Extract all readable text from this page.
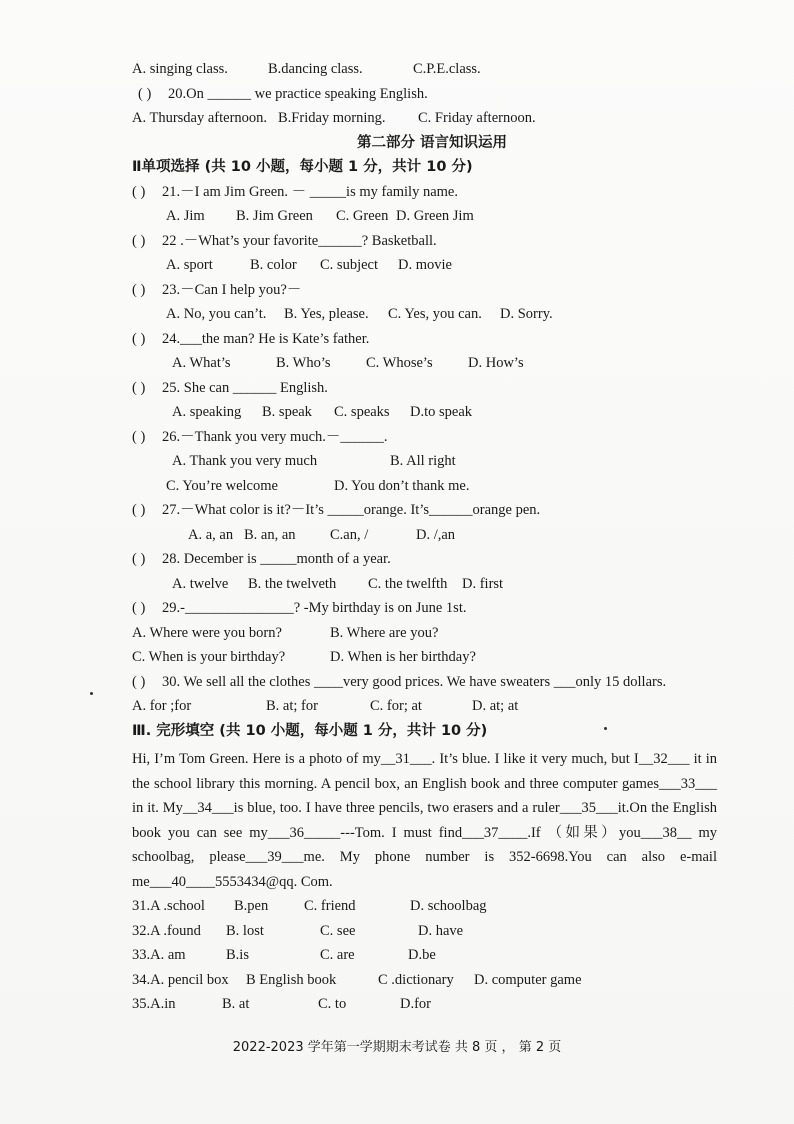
A. singing class.	B.dancing class.	C.P.E.class.
( )	20.On ______ we practice speaking English.
A. Thursday afternoon. B.Friday morning.	C. Friday afternoon.
第二部分 语言知识运用
Ⅱ单项选择 (共 10 小题，每小题 1 分，共计 10 分)
( )	21.－I am Jim Green. － _____is my family name.
A. Jim	B. Jim Green	C. Green D. Green Jim
( )	22 .－What’s your favorite______? Basketball.
A. sport	B. color	C. subject	D. movie
( )	23.－Can I help you?－
A. No, you can’t.	B. Yes, please.	C. Yes, you can.	D. Sorry.
( )	24.___the man? He is Kate’s father.
A. What’s	B. Who’s	C. Whose’s	D. How’s
( )	25. She can ______ English.
A. speaking	B. speak	C. speaks	D.to speak
( )	26.－Thank you very much.－______.
A. Thank you very much	B. All right
C. You’re welcome	D. You don’t thank me.
( )	27.－What color is it?－It’s _____orange. It’s______orange pen.
A. a, an B. an, an	C.an, /	D. /,an
( )	28. December is _____month of a year.
A. twelve	B. the twelveth	C. the twelfth	D. first
( )	29.-_______________? -My birthday is on June 1st.
A. Where were you born?	B. Where are you?
C. When is your birthday?	D. When is her birthday?
( )	30. We sell all the clothes ____very good prices. We have sweaters ___only 15 dollars.
A. for ;for	B. at; for	C. for; at	D. at; at
Ⅲ. 完形填空 (共 10 小题，每小题 1 分，共计 10 分)
Hi, I’m Tom Green. Here is a photo of my__31___. It’s blue. I like it very much, but I__32___ it in the school library this morning. A pencil box, an English book and three computer games___33___ in it. My__34___is blue, too. I have three pencils, two erasers and a ruler___35___it.On the English book you can see my___36_____---Tom. I must find___37____.If （如果）you___38__ my schoolbag, please___39___me. My phone number is 352-6698.You can also e-mail me___40____5553434@qq. Com.
31.A .school	B.pen	C. friend	D. schoolbag
32.A .found	B. lost	C. see	D. have
33.A. am	B.is	C. are	D.be
34.A. pencil box	B English book	C .dictionary	D. computer game
35.A.in	B. at	C. to	D.for
2022-2023 学年第一学期期末考试卷 共 8 页 ， 第 2 页
